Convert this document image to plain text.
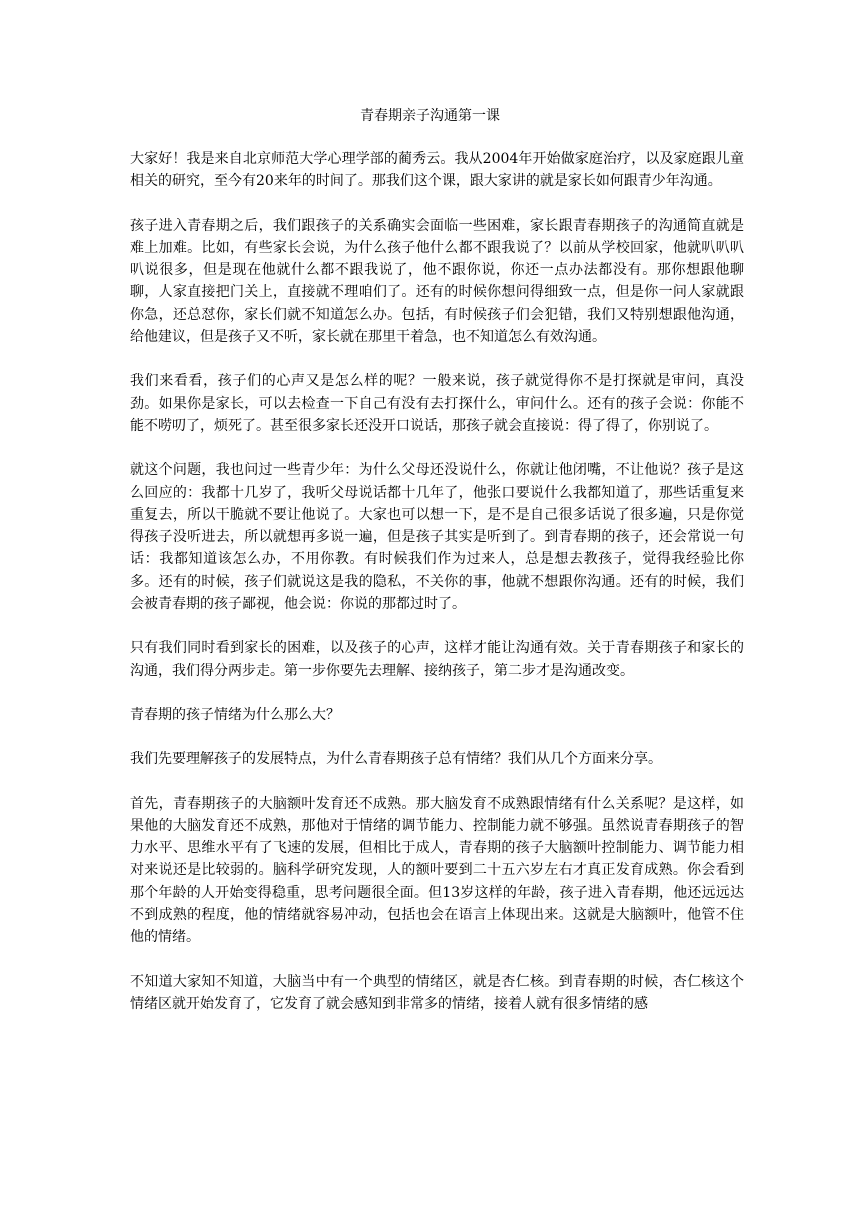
青春期亲子沟通第一课

大家好！我是来自北京师范大学心理学部的蔺秀云。我从2004年开始做家庭治疗，以及家庭跟儿童相关的研究，至今有20来年的时间了。那我们这个课，跟大家讲的就是家长如何跟青少年沟通。

孩子进入青春期之后，我们跟孩子的关系确实会面临一些困难，家长跟青春期孩子的沟通简直就是难上加难。比如，有些家长会说，为什么孩子他什么都不跟我说了？以前从学校回家，他就叭叭叭叭说很多，但是现在他就什么都不跟我说了，他不跟你说，你还一点办法都没有。那你想跟他聊聊，人家直接把门关上，直接就不理咱们了。还有的时候你想问得细致一点，但是你一问人家就跟你急，还总怼你，家长们就不知道怎么办。包括，有时候孩子们会犯错，我们又特别想跟他沟通，给他建议，但是孩子又不听，家长就在那里干着急，也不知道怎么有效沟通。

我们来看看，孩子们的心声又是怎么样的呢？一般来说，孩子就觉得你不是打探就是审问，真没劲。如果你是家长，可以去检查一下自己有没有去打探什么，审问什么。还有的孩子会说：你能不能不唠叨了，烦死了。甚至很多家长还没开口说话，那孩子就会直接说：得了得了，你别说了。

就这个问题，我也问过一些青少年：为什么父母还没说什么，你就让他闭嘴，不让他说？孩子是这么回应的：我都十几岁了，我听父母说话都十几年了，他张口要说什么我都知道了，那些话重复来重复去，所以干脆就不要让他说了。大家也可以想一下，是不是自己很多话说了很多遍，只是你觉得孩子没听进去，所以就想再多说一遍，但是孩子其实是听到了。到青春期的孩子，还会常说一句话：我都知道该怎么办，不用你教。有时候我们作为过来人，总是想去教孩子，觉得我经验比你多。还有的时候，孩子们就说这是我的隐私，不关你的事，他就不想跟你沟通。还有的时候，我们会被青春期的孩子鄙视，他会说：你说的那都过时了。

只有我们同时看到家长的困难，以及孩子的心声，这样才能让沟通有效。关于青春期孩子和家长的沟通，我们得分两步走。第一步你要先去理解、接纳孩子，第二步才是沟通改变。

青春期的孩子情绪为什么那么大？

我们先要理解孩子的发展特点，为什么青春期孩子总有情绪？我们从几个方面来分享。

首先，青春期孩子的大脑额叶发育还不成熟。那大脑发育不成熟跟情绪有什么关系呢？是这样，如果他的大脑发育还不成熟，那他对于情绪的调节能力、控制能力就不够强。虽然说青春期孩子的智力水平、思维水平有了飞速的发展，但相比于成人，青春期的孩子大脑额叶控制能力、调节能力相对来说还是比较弱的。脑科学研究发现，人的额叶要到二十五六岁左右才真正发育成熟。你会看到那个年龄的人开始变得稳重，思考问题很全面。但13岁这样的年龄，孩子进入青春期，他还远远达不到成熟的程度，他的情绪就容易冲动，包括也会在语言上体现出来。这就是大脑额叶，他管不住他的情绪。

不知道大家知不知道，大脑当中有一个典型的情绪区，就是杏仁核。到青春期的时候，杏仁核这个情绪区就开始发育了，它发育了就会感知到非常多的情绪，接着人就有很多情绪的感
